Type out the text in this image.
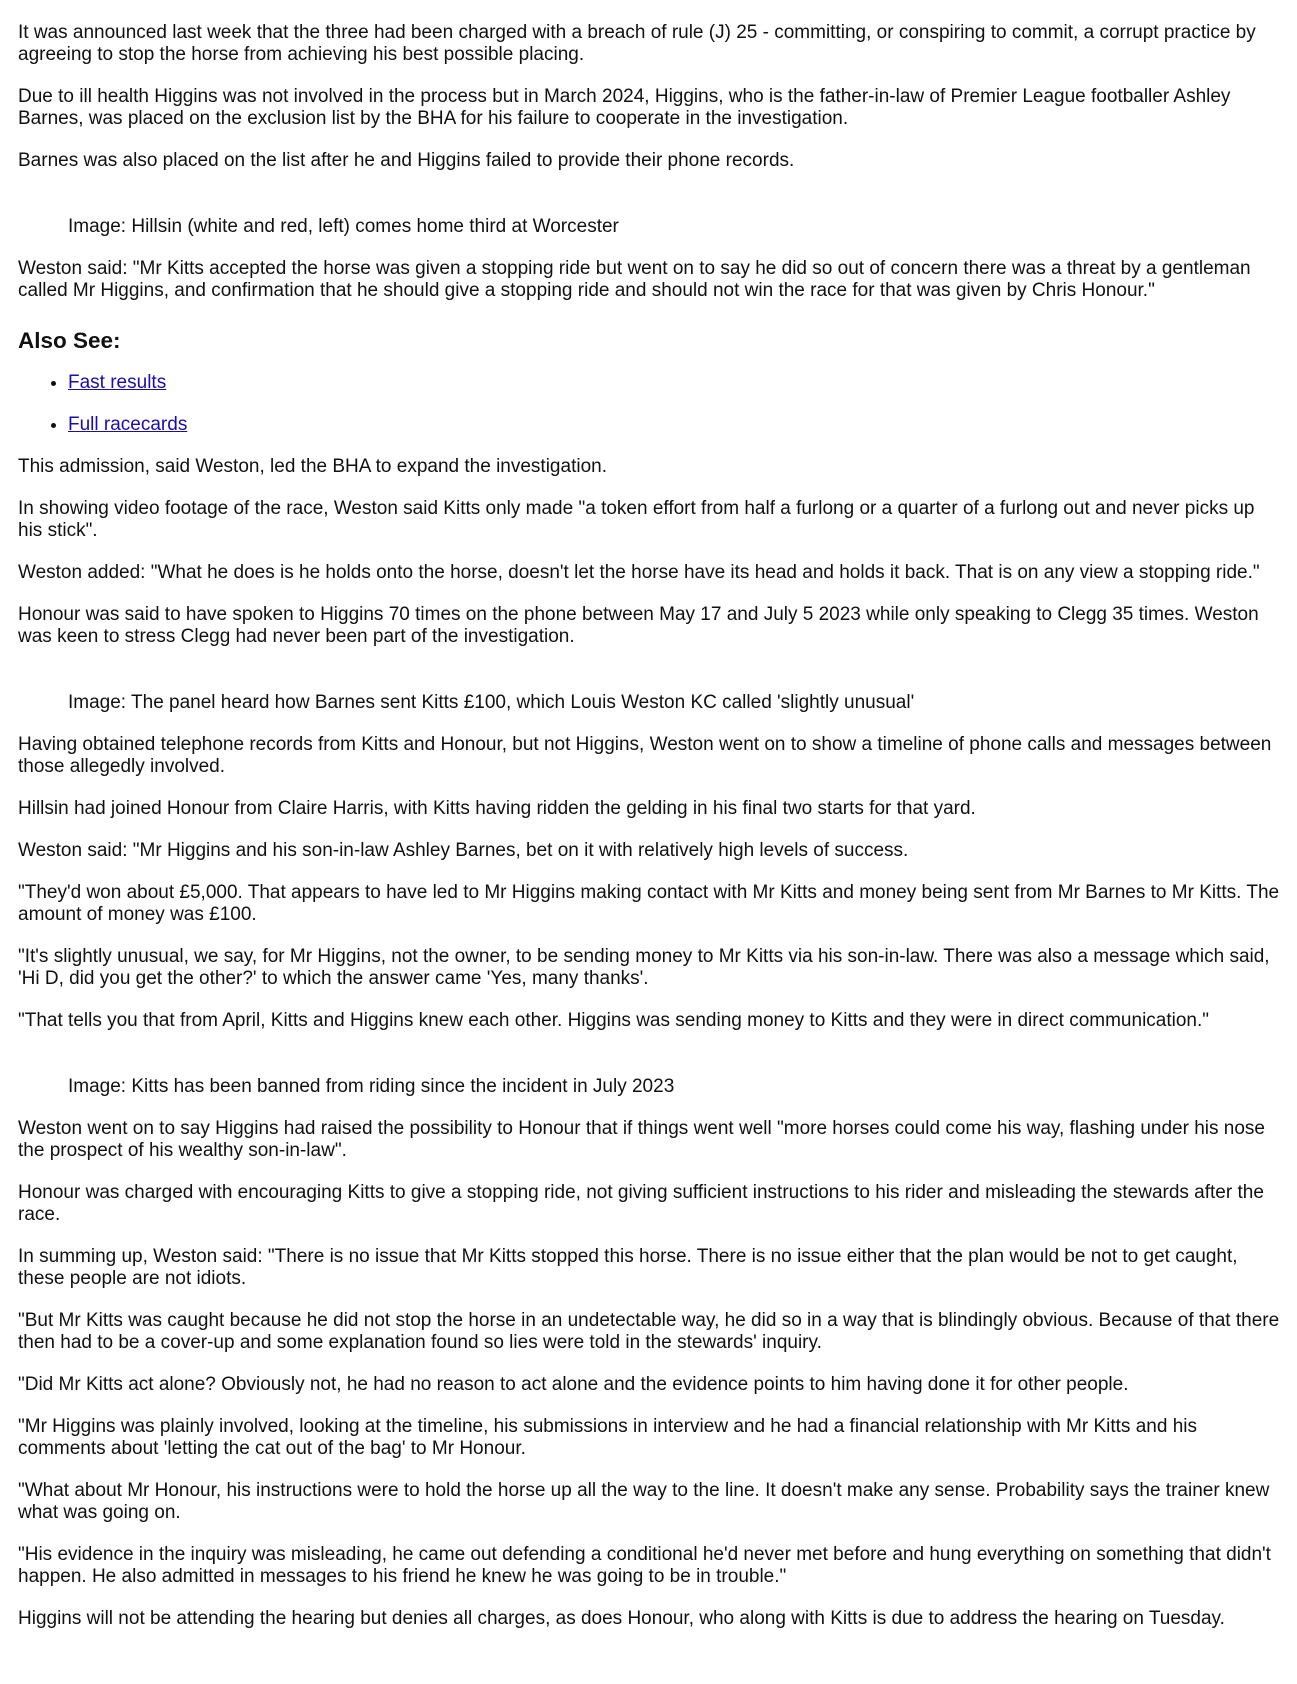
It was announced last week that the three had been charged with a breach of rule (J) 25 - committing, or conspiring to commit, a corrupt practice by agreeing to stop the horse from achieving his best possible placing.

Due to ill health Higgins was not involved in the process but in March 2024, Higgins, who is the father-in-law of Premier League footballer Ashley Barnes, was placed on the exclusion list by the BHA for his failure to cooperate in the investigation.

Barnes was also placed on the list after he and Higgins failed to provide their phone records.

Image: Hillsin (white and red, left) comes home third at Worcester

Weston said: "Mr Kitts accepted the horse was given a stopping ride but went on to say he did so out of concern there was a threat by a gentleman called Mr Higgins, and confirmation that he should give a stopping ride and should not win the race for that was given by Chris Honour."

Also See:
• Fast results
• Full racecards

This admission, said Weston, led the BHA to expand the investigation.

In showing video footage of the race, Weston said Kitts only made "a token effort from half a furlong or a quarter of a furlong out and never picks up his stick".

Weston added: "What he does is he holds onto the horse, doesn't let the horse have its head and holds it back. That is on any view a stopping ride."

Honour was said to have spoken to Higgins 70 times on the phone between May 17 and July 5 2023 while only speaking to Clegg 35 times. Weston was keen to stress Clegg had never been part of the investigation.

Image: The panel heard how Barnes sent Kitts £100, which Louis Weston KC called 'slightly unusual'

Having obtained telephone records from Kitts and Honour, but not Higgins, Weston went on to show a timeline of phone calls and messages between those allegedly involved.

Hillsin had joined Honour from Claire Harris, with Kitts having ridden the gelding in his final two starts for that yard.

Weston said: "Mr Higgins and his son-in-law Ashley Barnes, bet on it with relatively high levels of success.

"They'd won about £5,000. That appears to have led to Mr Higgins making contact with Mr Kitts and money being sent from Mr Barnes to Mr Kitts. The amount of money was £100.

"It's slightly unusual, we say, for Mr Higgins, not the owner, to be sending money to Mr Kitts via his son-in-law. There was also a message which said, 'Hi D, did you get the other?' to which the answer came 'Yes, many thanks'.

"That tells you that from April, Kitts and Higgins knew each other. Higgins was sending money to Kitts and they were in direct communication."

Image: Kitts has been banned from riding since the incident in July 2023

Weston went on to say Higgins had raised the possibility to Honour that if things went well "more horses could come his way, flashing under his nose the prospect of his wealthy son-in-law".

Honour was charged with encouraging Kitts to give a stopping ride, not giving sufficient instructions to his rider and misleading the stewards after the race.

In summing up, Weston said: "There is no issue that Mr Kitts stopped this horse. There is no issue either that the plan would be not to get caught, these people are not idiots.

"But Mr Kitts was caught because he did not stop the horse in an undetectable way, he did so in a way that is blindingly obvious. Because of that there then had to be a cover-up and some explanation found so lies were told in the stewards' inquiry.

"Did Mr Kitts act alone? Obviously not, he had no reason to act alone and the evidence points to him having done it for other people.

"Mr Higgins was plainly involved, looking at the timeline, his submissions in interview and he had a financial relationship with Mr Kitts and his comments about 'letting the cat out of the bag' to Mr Honour.

"What about Mr Honour, his instructions were to hold the horse up all the way to the line. It doesn't make any sense. Probability says the trainer knew what was going on.

"His evidence in the inquiry was misleading, he came out defending a conditional he'd never met before and hung everything on something that didn't happen. He also admitted in messages to his friend he knew he was going to be in trouble."

Higgins will not be attending the hearing but denies all charges, as does Honour, who along with Kitts is due to address the hearing on Tuesday.
